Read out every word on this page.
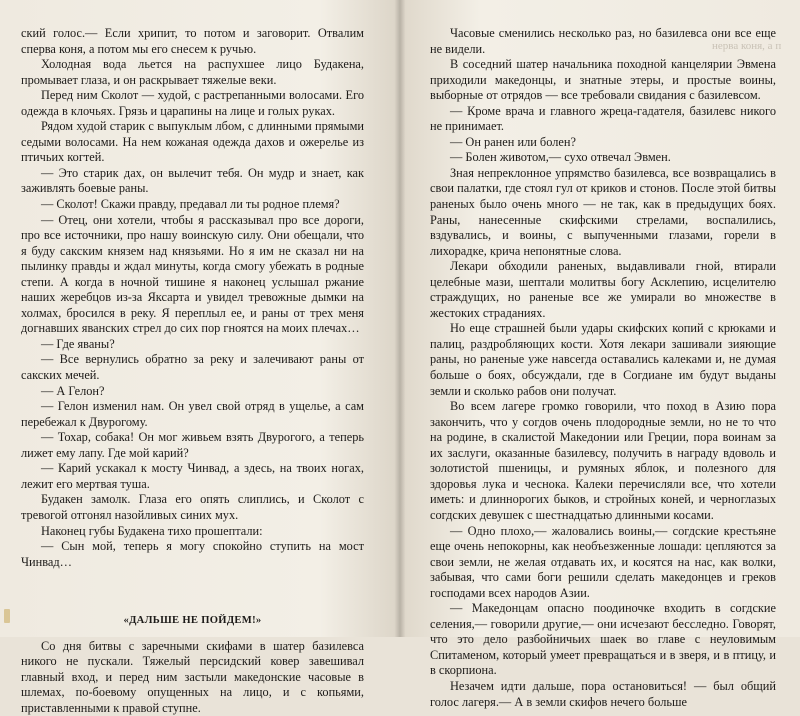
ский голос.— Если хрипит, то потом и заговорит. Отвалим сперва коня, а потом мы его снесем к ручью.

Холодная вода льется на распухшее лицо Будакена, промывает глаза, и он раскрывает тяжелые веки.

Перед ним Сколот — худой, с растрепанными волосами. Его одежда в клочьях. Грязь и царапины на лице и голых руках.

Рядом худой старик с выпуклым лбом, с длинными прямыми седыми волосами. На нем кожаная одежда дахов и ожерелье из птичьих когтей.

— Это старик дах, он вылечит тебя. Он мудр и знает, как заживлять боевые раны.

— Сколот! Скажи правду, предавал ли ты родное племя?

— Отец, они хотели, чтобы я рассказывал про все дороги, про все источники, про нашу воинскую силу. Они обещали, что я буду сакским князем над князьями. Но я им не сказал ни на пылинку правды и ждал минуты, когда смогу убежать в родные степи. А когда в ночной тишине я наконец услышал ржание наших жеребцов из-за Яксарта и увидел тревожные дымки на холмах, бросился в реку. Я переплыл ее, и раны от трех меня догнавших яванских стрел до сих пор гноятся на моих плечах…

— Где яваны?

— Все вернулись обратно за реку и залечивают раны от сакских мечей.

— А Гелон?

— Гелон изменил нам. Он увел свой отряд в ущелье, а сам перебежал к Двурогому.

— Тохар, собака! Он мог живьем взять Двурогого, а теперь лижет ему лапу. Где мой карий?

— Карий ускакал к мосту Чинвад, а здесь, на твоих ногах, лежит его мертвая туша.

Будакен замолк. Глаза его опять слиплись, и Сколот с тревогой отгонял назойливых синих мух.

Наконец губы Будакена тихо прошептали:

— Сын мой, теперь я могу спокойно ступить на мост Чинвад…

«ДАЛЬШЕ НЕ ПОЙДЕМ!»

Со дня битвы с заречными скифами в шатер базилевса никого не пускали. Тяжелый персидский ковер завешивал главный вход, и перед ним застыли македонские часовые в шлемах, по-боевому опущенных на лицо, и с копьями, приставленными к правой ступне.

Часовые сменились несколько раз, но базилевса они все еще не видели.

В соседний шатер начальника походной канцелярии Эвмена приходили македонцы, и знатные этеры, и простые воины, выборные от отрядов — все требовали свидания с базилевсом.

— Кроме врача и главного жреца-гадателя, базилевс никого не принимает.

— Он ранен или болен?

— Болен животом,— сухо отвечал Эвмен.

Зная непреклонное упрямство базилевса, все возвращались в свои палатки, где стоял гул от криков и стонов. После этой битвы раненых было очень много — не так, как в предыдущих боях. Раны, нанесенные скифскими стрелами, воспалились, вздувались, и воины, с выпученными глазами, горели в лихорадке, крича непонятные слова.

Лекари обходили раненых, выдавливали гной, втирали целебные мази, шептали молитвы богу Асклепию, исцелителю страждущих, но раненые все же умирали во множестве в жестоких страданиях.

Но еще страшней были удары скифских копий с крюками и палиц, раздробляющих кости. Хотя лекари зашивали зияющие раны, но раненые уже навсегда оставались калеками и, не думая больше о боях, обсуждали, где в Согдиане им будут выданы земли и сколько рабов они получат.

Во всем лагере громко говорили, что поход в Азию пора закончить, что у согдов очень плодородные земли, но не то что на родине, в скалистой Македонии или Греции, пора воинам за их заслуги, оказанные базилевсу, получить в награду вдоволь и золотистой пшеницы, и румяных яблок, и полезного для здоровья лука и чеснока. Калеки перечисляли все, что хотели иметь: и длиннорогих быков, и стройных коней, и черноглазых согдских девушек с шестнадцатью длинными косами.

— Одно плохо,— жаловались воины,— согдские крестьяне еще очень непокорны, как необъезженные лошади: цепляются за свои земли, не желая отдавать их, и косятся на нас, как волки, забывая, что сами боги решили сделать македонцев и греков господами всех народов Азии.

— Македонцам опасно поодиночке входить в согдские селения,— говорили другие,— они исчезают бесследно. Говорят, что это дело разбойничьих шаек во главе с неуловимым Спитаменом, который умеет превращаться и в зверя, и в птицу, и в скорпиона.

Незачем идти дальше, пора остановиться! — был общий голос лагеря.— А в земли скифов нечего больше

нерва коня, а п
